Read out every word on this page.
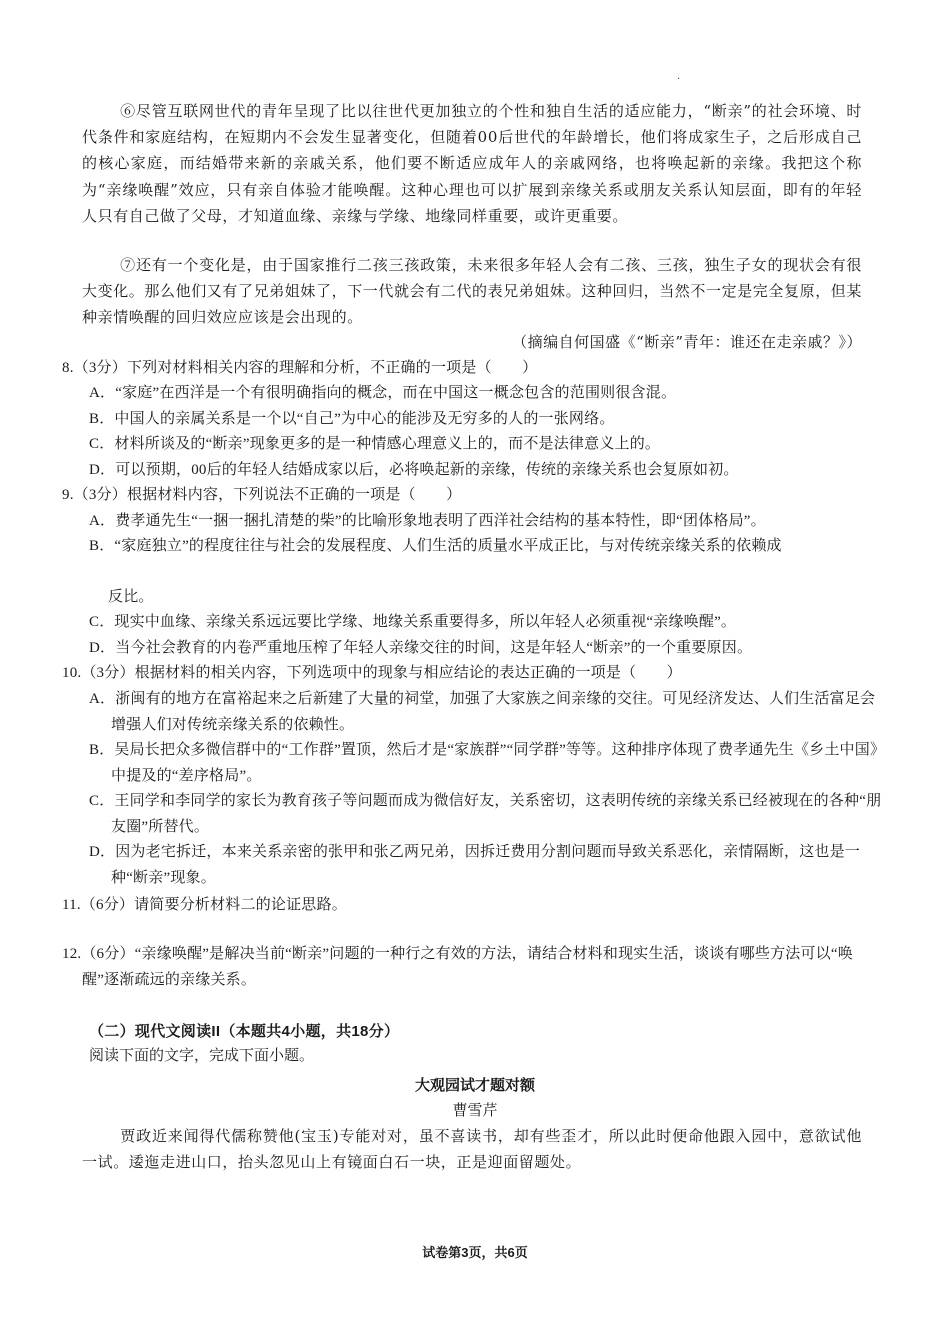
·

⑥尽管互联网世代的青年呈现了比以往世代更加独立的个性和独自生活的适应能力，“断亲”的社会环境、时代条件和家庭结构，在短期内不会发生显著变化，但随着00后世代的年龄增长，他们将成家生子，之后形成自己的核心家庭，而结婚带来新的亲戚关系，他们要不断适应成年人的亲戚网络，也将唤起新的亲缘。我把这个称为“亲缘唤醒”效应，只有亲自体验才能唤醒。这种心理也可以扩展到亲缘关系或朋友关系认知层面，即有的年轻人只有自己做了父母，才知道血缘、亲缘与学缘、地缘同样重要，或许更重要。

⑦还有一个变化是，由于国家推行二孩三孩政策，未来很多年轻人会有二孩、三孩，独生子女的现状会有很大变化。那么他们又有了兄弟姐妹了，下一代就会有二代的表兄弟姐妹。这种回归，当然不一定是完全复原，但某种亲情唤醒的回归效应应该是会出现的。

（摘编自何国盛《“断亲”青年：谁还在走亲戚？》）
8.（3分）下列对材料相关内容的理解和分析，不正确的一项是（　　）
A．“家庭”在西洋是一个有很明确指向的概念，而在中国这一概念包含的范围则很含混。
B．中国人的亲属关系是一个以“自己”为中心的能涉及无穷多的人的一张网络。
C．材料所谈及的“断亲”现象更多的是一种情感心理意义上的，而不是法律意义上的。
D．可以预期，00后的年轻人结婚成家以后，必将唤起新的亲缘，传统的亲缘关系也会复原如初。
9.（3分）根据材料内容，下列说法不正确的一项是（　　）
A．费孝通先生“一捆一捆扎清楚的柴”的比喻形象地表明了西洋社会结构的基本特性，即“团体格局”。
B．“家庭独立”的程度往往与社会的发展程度、人们生活的质量水平成正比，与对传统亲缘关系的依赖成
反比。
C．现实中血缘、亲缘关系远远要比学缘、地缘关系重要得多，所以年轻人必须重视“亲缘唤醒”。
D．当今社会教育的内卷严重地压榨了年轻人亲缘交往的时间，这是年轻人“断亲”的一个重要原因。
10.（3分）根据材料的相关内容，下列选项中的现象与相应结论的表达正确的一项是（　　）
A．浙闽有的地方在富裕起来之后新建了大量的祠堂，加强了大家族之间亲缘的交往。可见经济发达、人们生活富足会增强人们对传统亲缘关系的依赖性。
B．吴局长把众多微信群中的“工作群”置顶，然后才是“家族群”“同学群”等等。这种排序体现了费孝通先生《乡土中国》中提及的“差序格局”。
C．王同学和李同学的家长为教育孩子等问题而成为微信好友，关系密切，这表明传统的亲缘关系已经被现在的各种“朋友圈”所替代。
D．因为老宅拆迁，本来关系亲密的张甲和张乙两兄弟，因拆迁费用分割问题而导致关系恶化，亲情隔断，这也是一种“断亲”现象。
11.（6分）请简要分析材料二的论证思路。
12.（6分）“亲缘唤醒”是解决当前“断亲”问题的一种行之有效的方法，请结合材料和现实生活，谈谈有哪些方法可以“唤醒”逐渐疏远的亲缘关系。
（二）现代文阅读II（本题共4小题，共18分）
阅读下面的文字，完成下面小题。
大观园试才题对额
曹雪芹

贾政近来闻得代儒称赞他(宝玉)专能对对，虽不喜读书，却有些歪才，所以此时便命他跟入园中，意欲试他一试。逶迤走进山口，抬头忽见山上有镜面白石一块，正是迎面留题处。

试卷第3页，共6页
